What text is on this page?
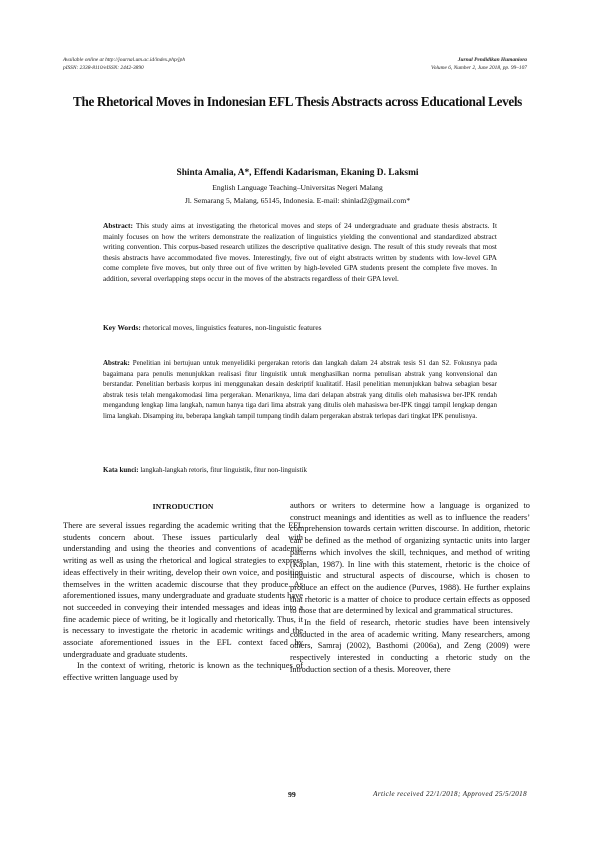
Available online at http://journal.um.ac.id/index.php/jph
pISSN: 2338-8110/eISSN: 2442-3890
Jurnal Pendidikan Humaniora
Volume 6, Number 2, June 2018, pp. 99–107
The Rhetorical Moves in Indonesian EFL Thesis Abstracts across Educational Levels
Shinta Amalia, A*, Effendi Kadarisman, Ekaning D. Laksmi
English Language Teaching–Universitas Negeri Malang
Jl. Semarang 5, Malang, 65145, Indonesia. E-mail: shinlad2@gmail.com*
Abstract: This study aims at investigating the rhetorical moves and steps of 24 undergraduate and graduate thesis abstracts. It mainly focuses on how the writers demonstrate the realization of linguistics yielding the conventional and standardized abstract writing convention. This corpus-based research utilizes the descriptive qualitative design. The result of this study reveals that most thesis abstracts have accommodated five moves. Interestingly, five out of eight abstracts written by students with low-level GPA come complete five moves, but only three out of five written by high-leveled GPA students present the complete five moves. In addition, several overlapping steps occur in the moves of the abstracts regardless of their GPA level.
Key Words: rhetorical moves, linguistics features, non-linguistic features
Abstrak: Penelitian ini bertujuan untuk menyelidiki pergerakan retoris dan langkah dalam 24 abstrak tesis S1 dan S2. Fokusnya pada bagaimana para penulis menunjukkan realisasi fitur linguistik untuk menghasilkan norma penulisan abstrak yang konvensional dan berstandar. Penelitian berbasis korpus ini menggunakan desain deskriptif kualitatif. Hasil penelitian menunjukkan bahwa sebagian besar abstrak tesis telah mengakomodasi lima pergerakan. Menariknya, lima dari delapan abstrak yang ditulis oleh mahasiswa ber-IPK rendah mengandung lengkap lima langkah, namun hanya tiga dari lima abstrak yang ditulis oleh mahasiswa ber-IPK tinggi tampil lengkap dengan lima langkah. Disamping itu, beberapa langkah tampil tumpang tindih dalam pergerakan abstrak terlepas dari tingkat IPK penulisnya.
Kata kunci: langkah-langkah retoris, fitur linguistik, fitur non-linguistik
INTRODUCTION

There are several issues regarding the academic writing that the EFL students concern about. These issues particularly deal with understanding and using the theories and conventions of academic writing as well as using the rhetorical and logical strategies to express ideas effectively in their writing, develop their own voice, and position themselves in the written academic discourse that they produce. As aforementioned issues, many undergraduate and graduate students have not succeeded in conveying their intended messages and ideas into a fine academic piece of writing, be it logically and rhetorically. Thus, it is necessary to investigate the rhetoric in academic writings and the associate aforementioned issues in the EFL context faced by undergraduate and graduate students.

In the context of writing, rhetoric is known as the techniques of effective written language used by

authors or writers to determine how a language is organized to construct meanings and identities as well as to influence the readers’ comprehension towards certain written discourse. In addition, rhetoric can be defined as the method of organizing syntactic units into larger patterns which involves the skill, techniques, and method of writing (Kaplan, 1987). In line with this statement, rhetoric is the choice of linguistic and structural aspects of discourse, which is chosen to produce an effect on the audience (Purves, 1988). He further explains that rhetoric is a matter of choice to produce certain effects as opposed to those that are determined by lexical and grammatical structures.

In the field of research, rhetoric studies have been intensively conducted in the area of academic writing. Many researchers, among others, Samraj (2002), Basthomi (2006a), and Zeng (2009) were respectively interested in conducting a rhetoric study on the introduction section of a thesis. Moreover, there

99	Article received 22/1/2018; Approved 25/5/2018
